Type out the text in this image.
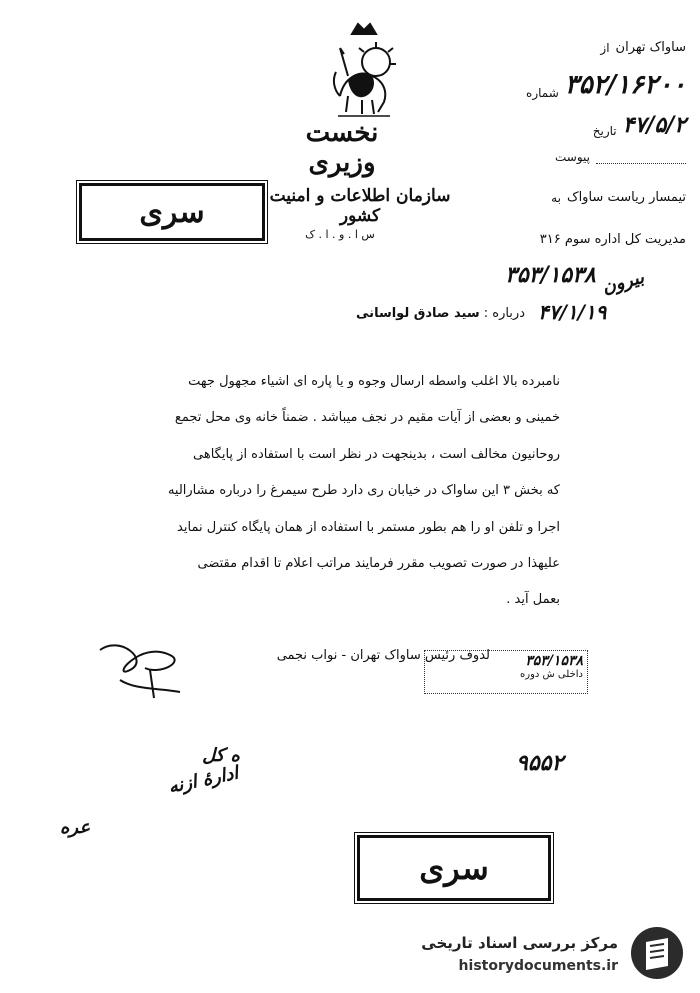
نخست وزیری
سازمان اطلاعات و امنیت کشور
س ا . و . ا . ک
سری
از ساواک تهران
شماره ۳۵۲/۱۶۲۰۰
تاریخ ۴۷/۵/۲
پیوست
به تیمسار ریاست ساواک
مدیریت کل اداره سوم ۳۱۶
۳۵۳/۱۵۳۸
۴۷/۱/۱۹
بیرون
درباره : سید صادق لواسانی
نامبرده بالا اغلب واسطه ارسال وجوه و یا پاره ای اشیاء مجهول جهت
خمینی و بعضی از آیات مقیم در نجف میباشد . ضمناً خانه وی محل تجمع
روحانیون مخالف است ، بدینجهت در نظر است با استفاده از پایگاهی
که بخش ۳ این ساواک در خیابان ری دارد طرح سیمرغ را درباره مشارالیه
اجرا و تلفن او را هم بطور مستمر با استفاده از همان پایگاه کنترل نماید
علیهذا در صورت تصویب مقرر فرمایند مراتب اعلام تا اقدام مقتضی
بعمل آید .
لدوف رئیس ساواک تهران - نواب نجمی	۳۵۳/۱۵۳۸
داخلی ش دوره
۹۵۵۲
ه کل
ادارهٔ ازنه
عره
سری
مرکز بررسی اسناد تاریخی
historydocuments.ir
